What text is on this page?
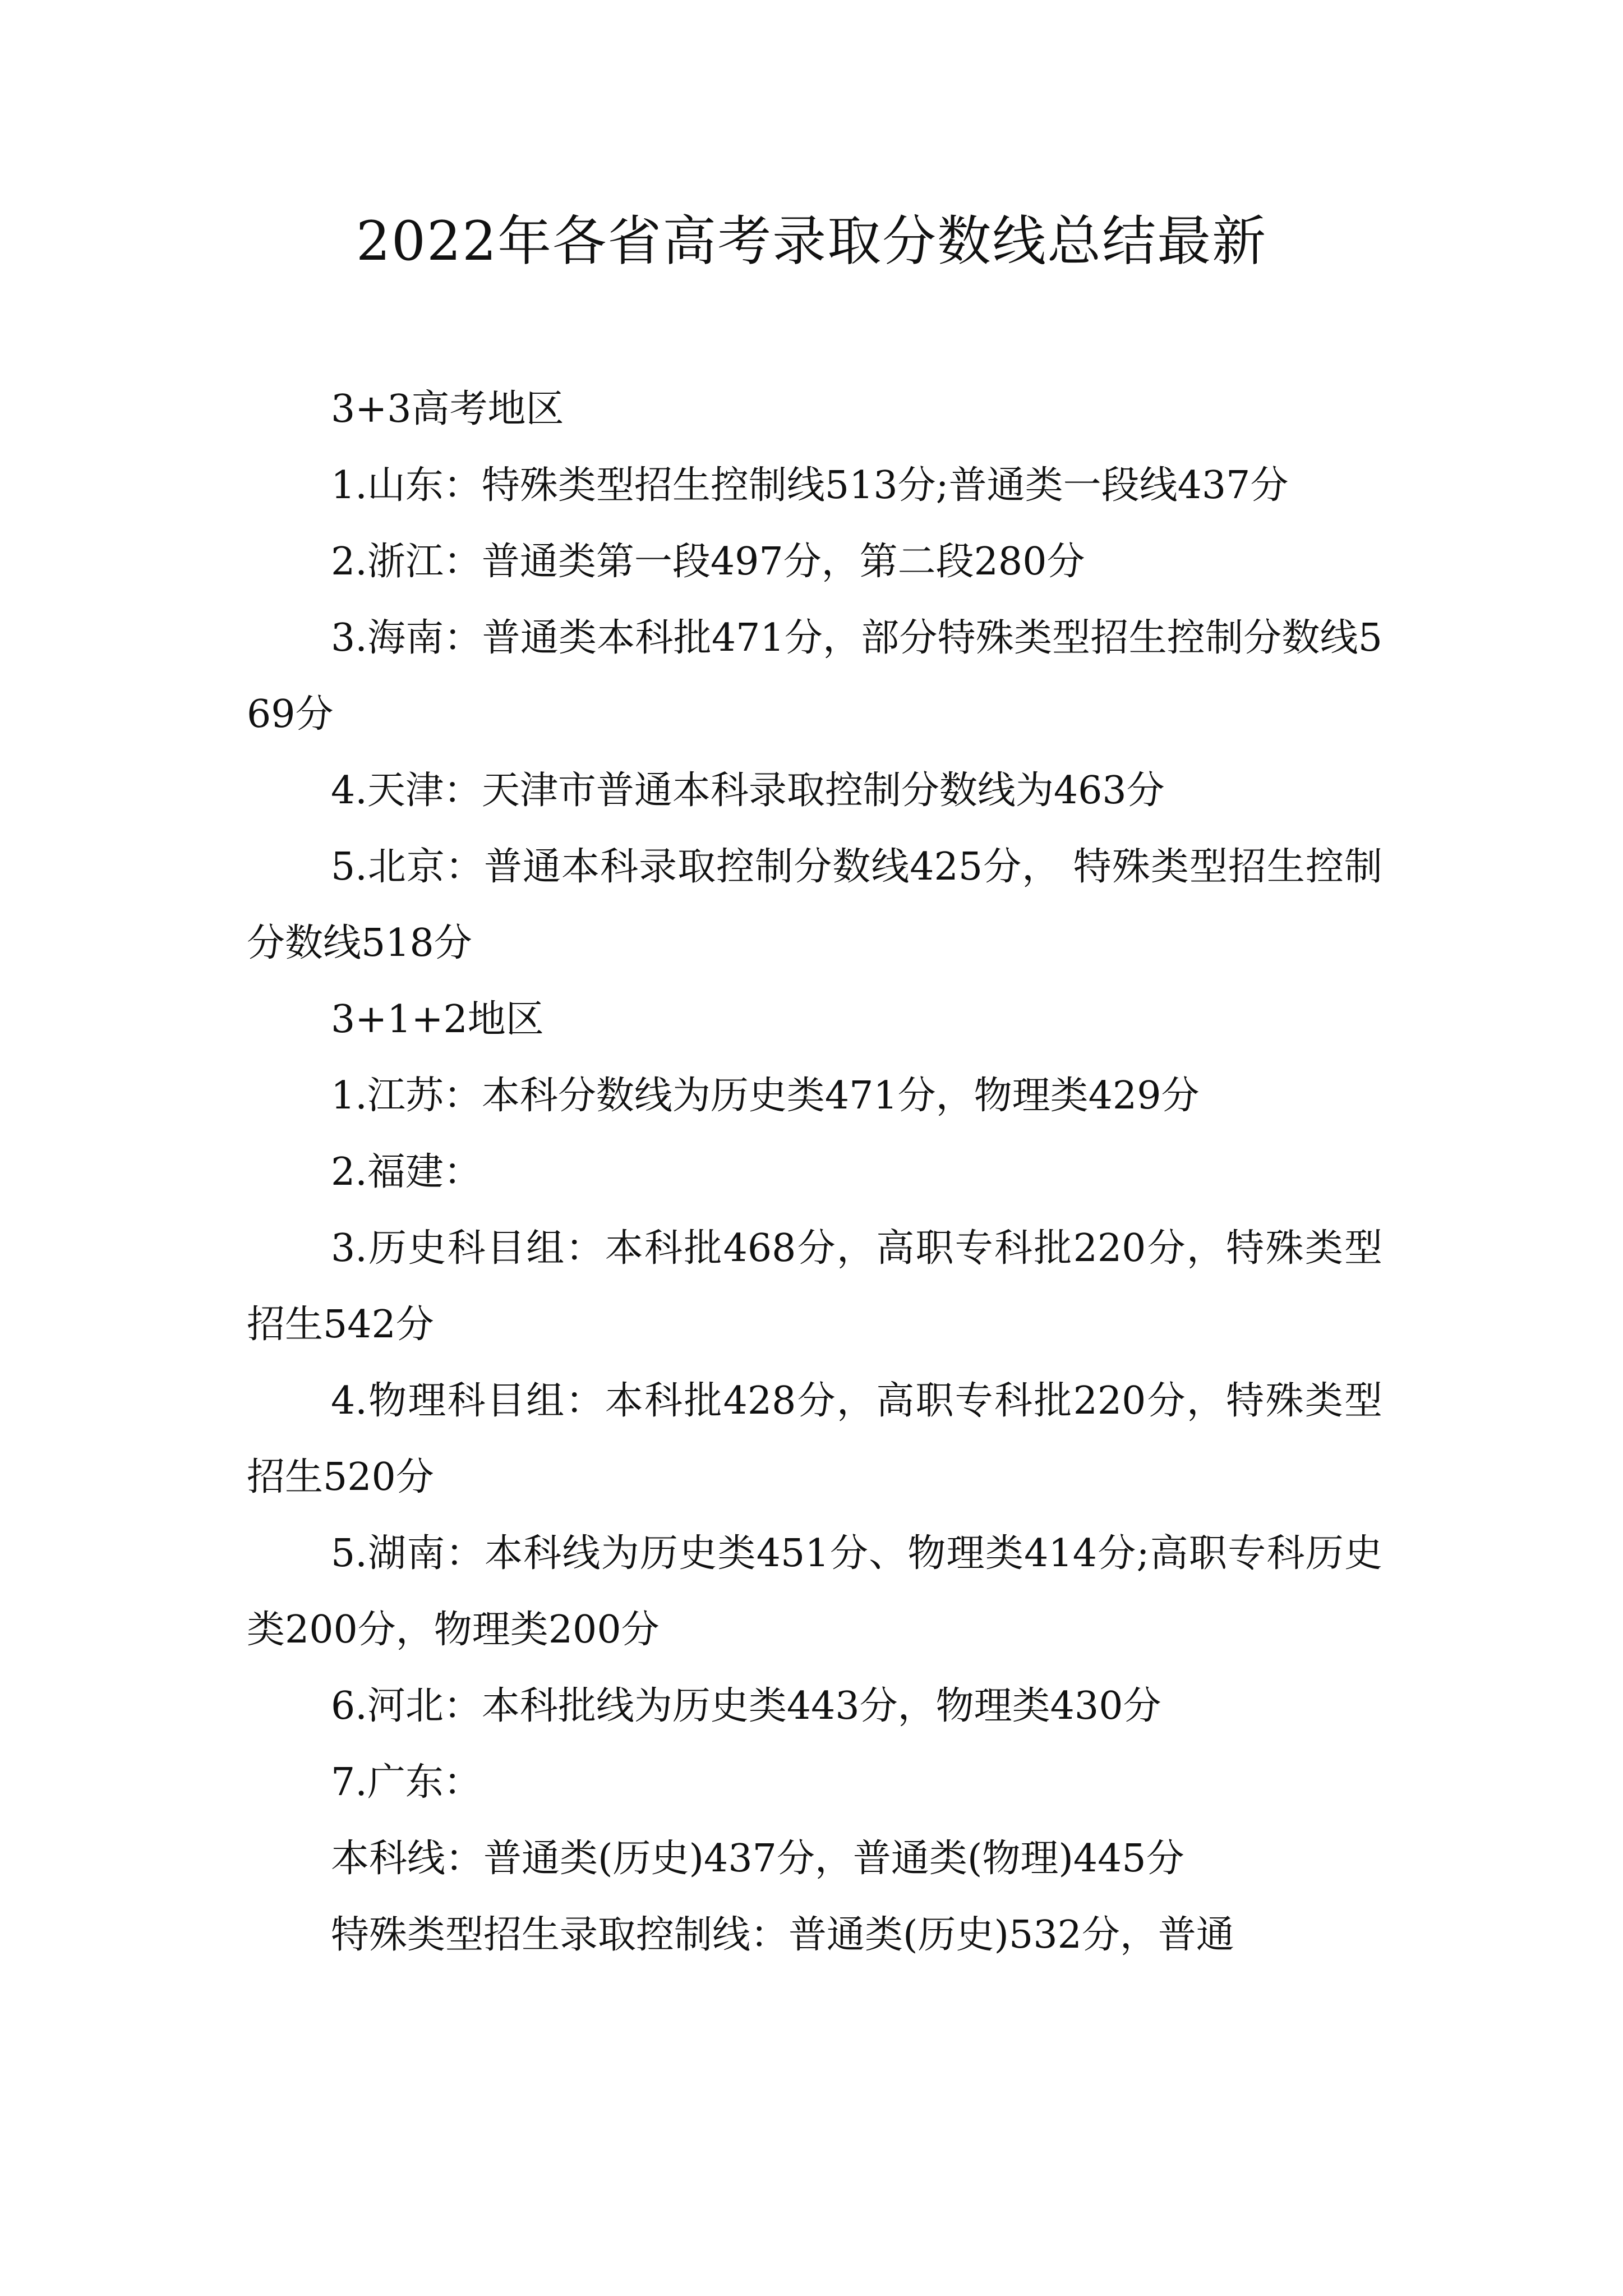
2022年各省高考录取分数线总结最新

3+3高考地区

1.山东：特殊类型招生控制线513分;普通类一段线437分

2.浙江：普通类第一段497分，第二段280分

3.海南：普通类本科批471分，部分特殊类型招生控制分数线569分

4.天津：天津市普通本科录取控制分数线为463分

5.北京：普通本科录取控制分数线425分， 特殊类型招生控制分数线518分

3+1+2地区

1.江苏：本科分数线为历史类471分，物理类429分

2.福建：

3.历史科目组：本科批468分，高职专科批220分，特殊类型招生542分

4.物理科目组：本科批428分，高职专科批220分，特殊类型招生520分

5.湖南：本科线为历史类451分、物理类414分;高职专科历史类200分，物理类200分

6.河北：本科批线为历史类443分，物理类430分

7.广东：

本科线：普通类(历史)437分，普通类(物理)445分

特殊类型招生录取控制线：普通类(历史)532分，普通
